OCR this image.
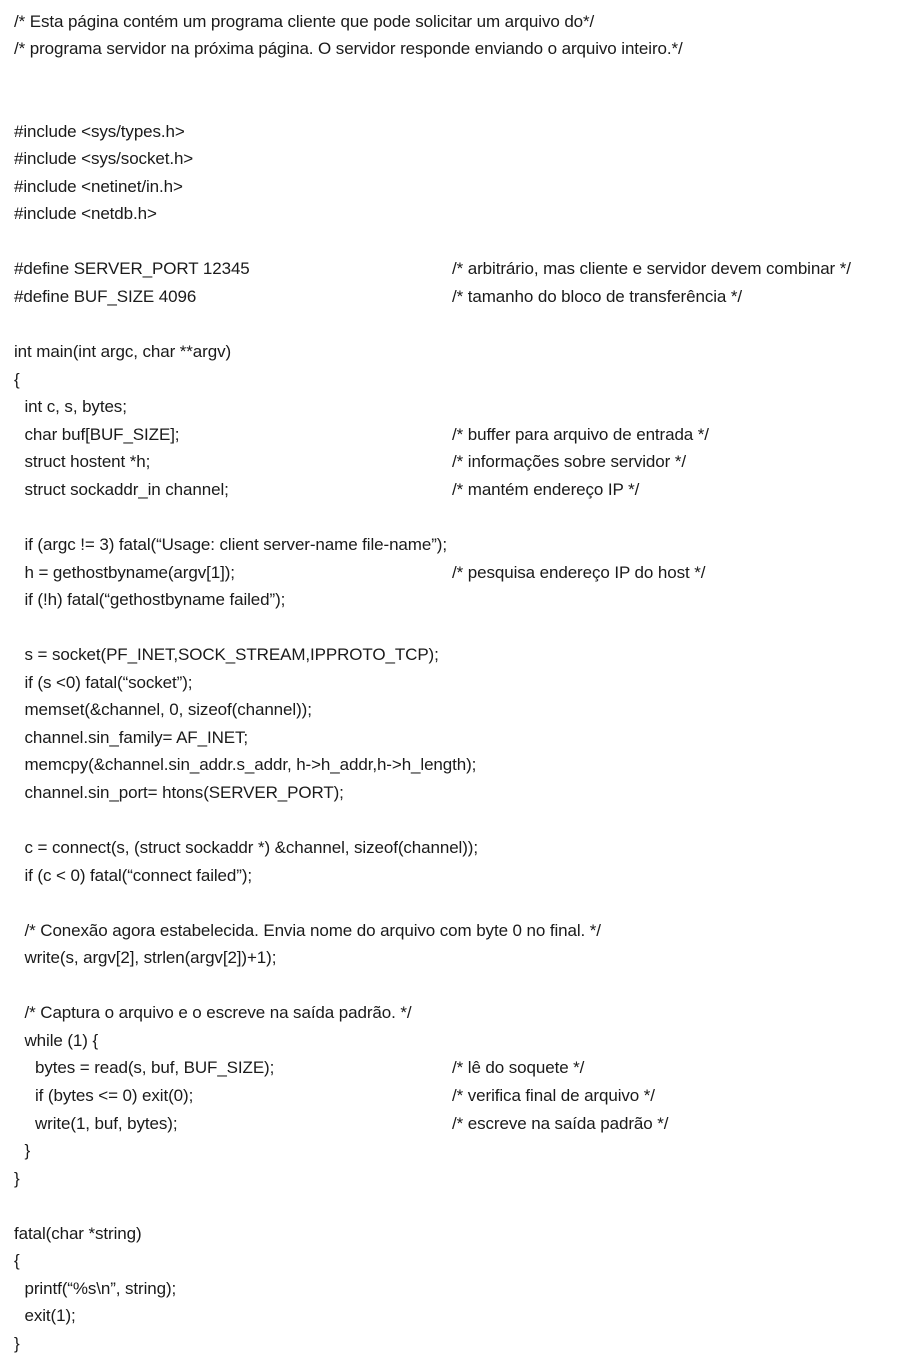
/* Esta página contém um programa cliente que pode solicitar um arquivo do*/
/* programa servidor na próxima página. O servidor responde enviando o arquivo inteiro.*/
#include <sys/types.h>
#include <sys/socket.h>
#include <netinet/in.h>
#include <netdb.h>
#define SERVER_PORT 12345	/* arbitrário, mas cliente e servidor devem combinar */
#define BUF_SIZE 4096	/* tamanho do bloco de transferência */
int main(int argc, char **argv)
{
int c, s, bytes;
char buf[BUF_SIZE];	/* buffer para arquivo de entrada */
struct hostent *h;	/* informações sobre servidor */
struct sockaddr_in channel;	/* mantém endereço IP */
if (argc != 3) fatal(“Usage: client server-name file-name”);
h = gethostbyname(argv[1]);	/* pesquisa endereço IP do host */
if (!h) fatal(“gethostbyname failed”);
s = socket(PF_INET,SOCK_STREAM,IPPROTO_TCP);
if (s <0) fatal(“socket”);
memset(&channel, 0, sizeof(channel));
channel.sin_family= AF_INET;
memcpy(&channel.sin_addr.s_addr, h->h_addr,h->h_length);
channel.sin_port= htons(SERVER_PORT);
c = connect(s, (struct sockaddr *) &channel, sizeof(channel));
if (c < 0) fatal(“connect failed”);
/* Conexão agora estabelecida. Envia nome do arquivo com byte 0 no final. */
write(s, argv[2], strlen(argv[2])+1);
/* Captura o arquivo e o escreve na saída padrão. */
while (1) {
bytes = read(s, buf, BUF_SIZE);	/* lê do soquete */
if (bytes <= 0) exit(0);	/* verifica final de arquivo */
write(1, buf, bytes);	/* escreve na saída padrão */
}
}
fatal(char *string)
{
printf(“%s\n”, string);
exit(1);
}
